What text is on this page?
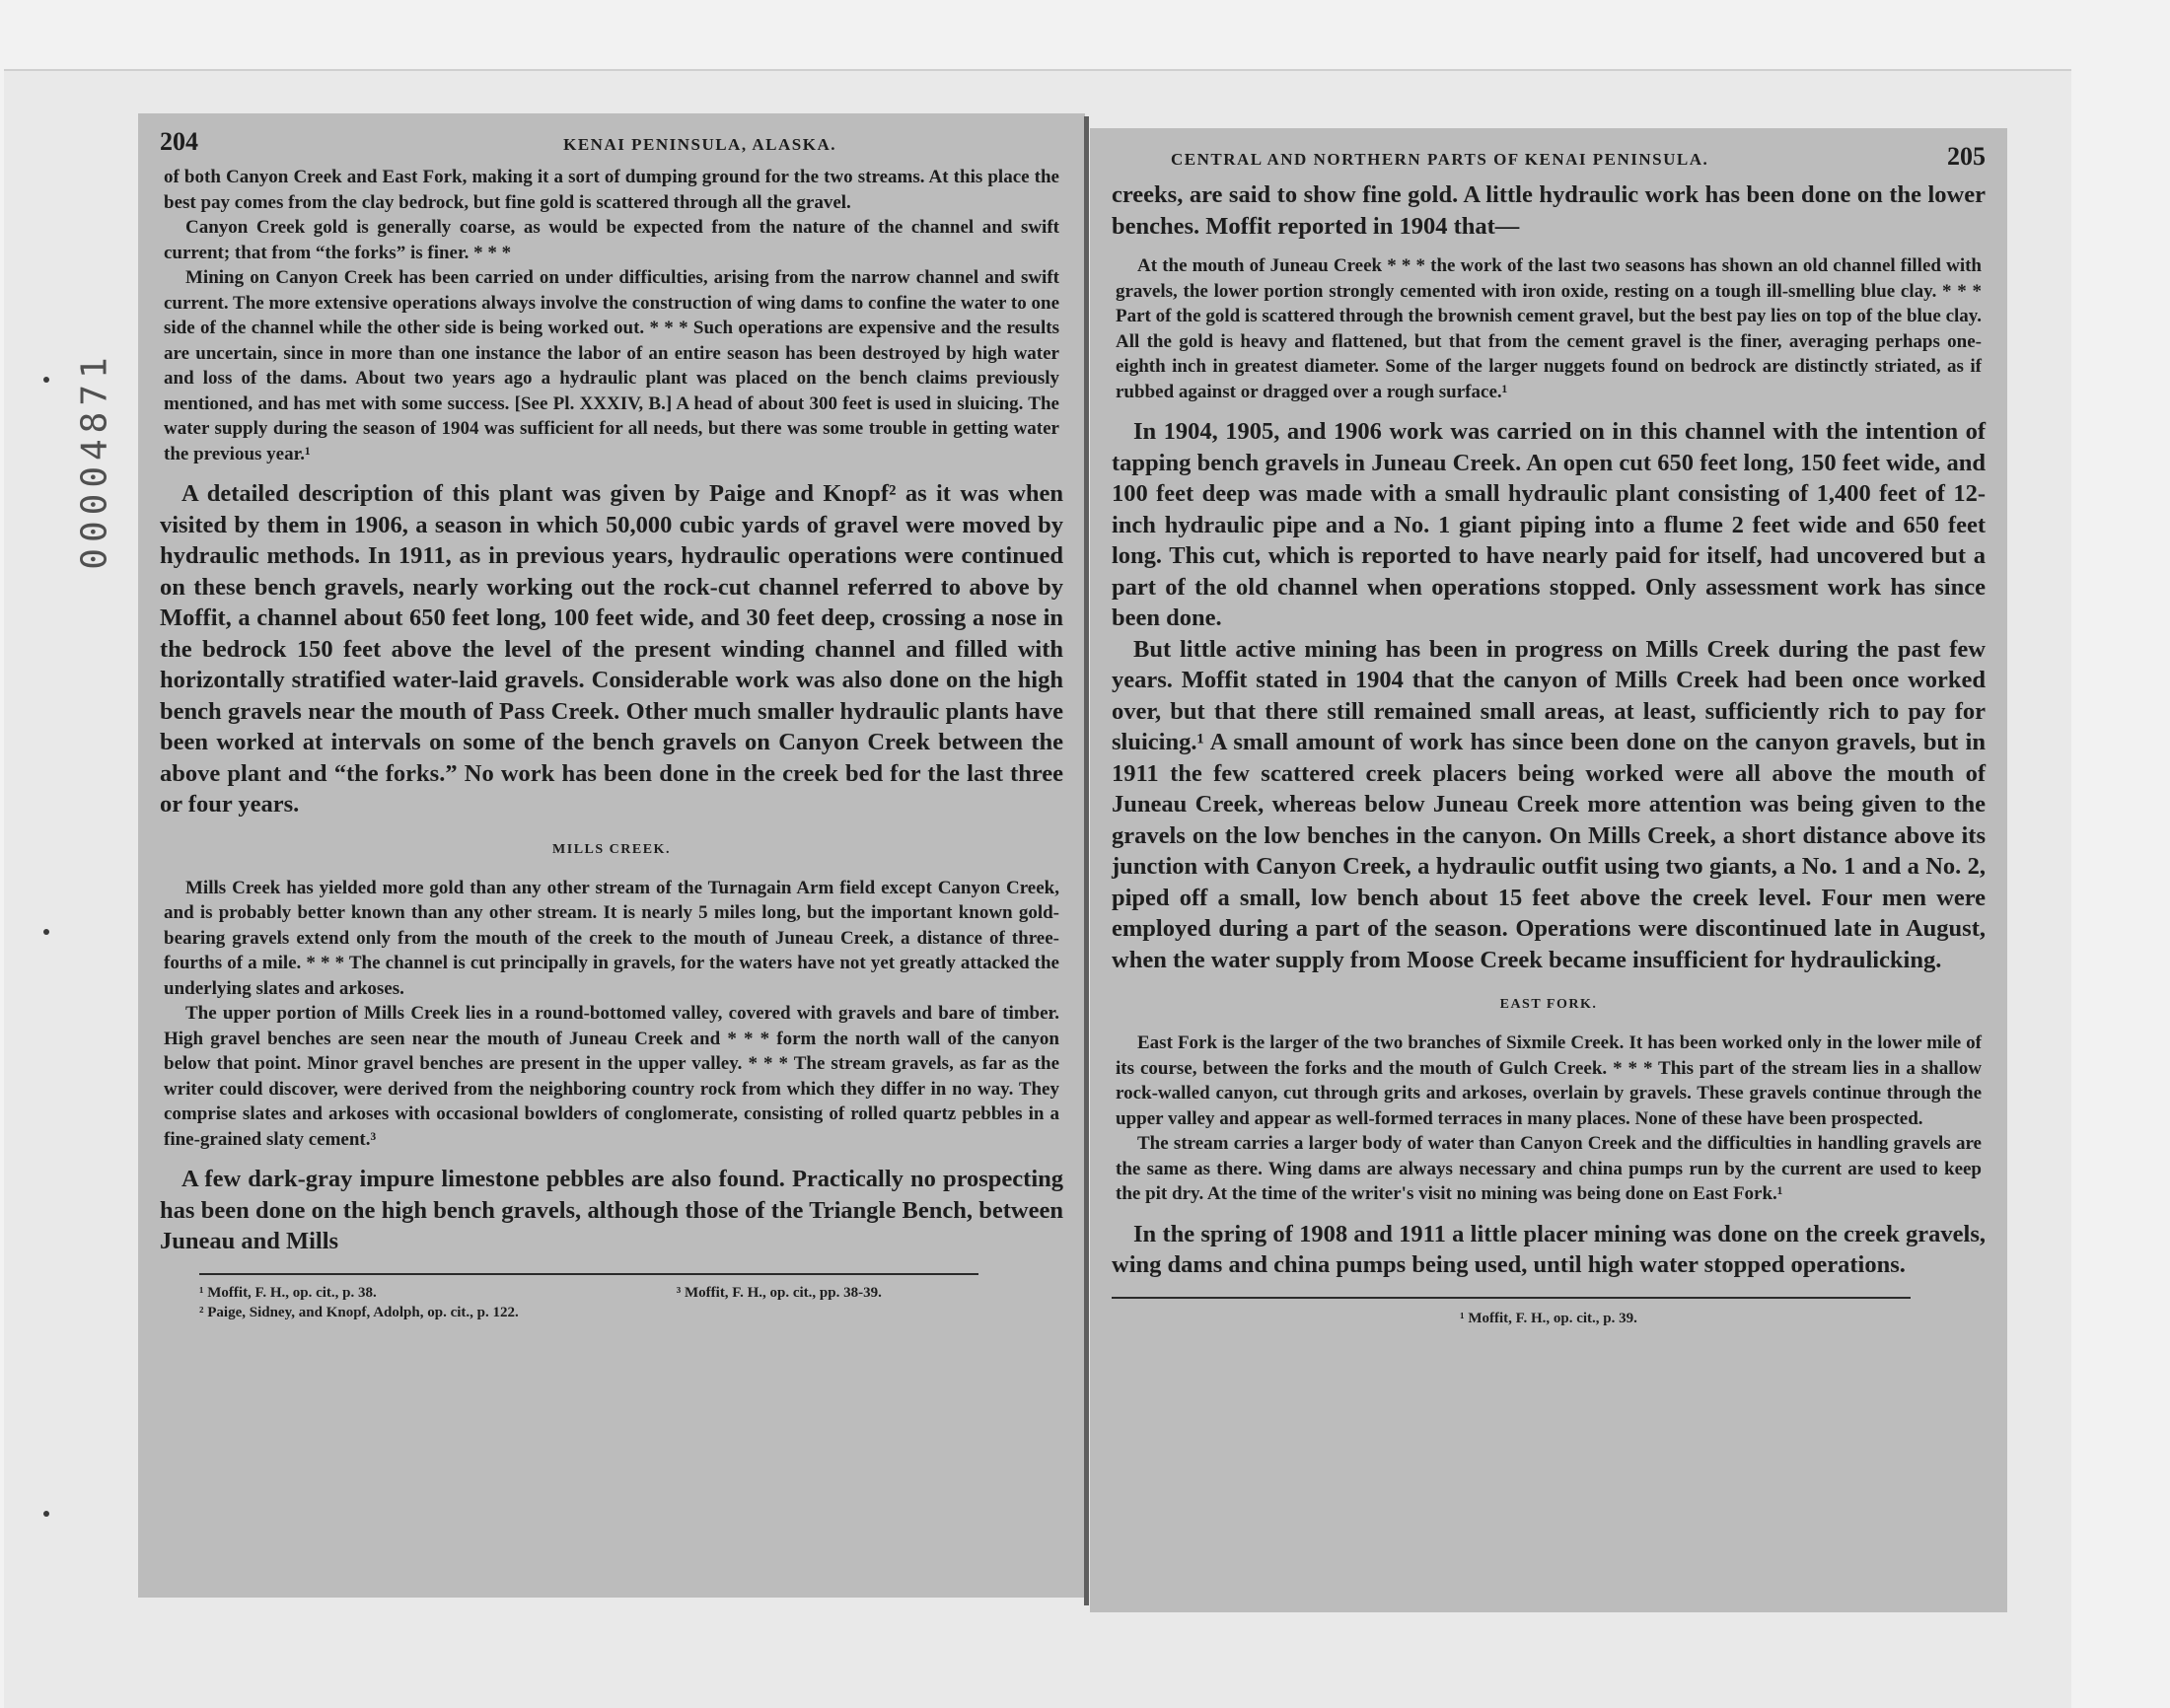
00004871
204	KENAI PENINSULA, ALASKA.

of both Canyon Creek and East Fork, making it a sort of dumping ground for the two streams. At this place the best pay comes from the clay bedrock, but fine gold is scattered through all the gravel.

Canyon Creek gold is generally coarse, as would be expected from the nature of the channel and swift current; that from “the forks” is finer. * * *

Mining on Canyon Creek has been carried on under difficulties, arising from the narrow channel and swift current. The more extensive operations always involve the construction of wing dams to confine the water to one side of the channel while the other side is being worked out. * * * Such operations are expensive and the results are uncertain, since in more than one instance the labor of an entire season has been destroyed by high water and loss of the dams. About two years ago a hydraulic plant was placed on the bench claims previously mentioned, and has met with some success. [See Pl. XXXIV, B.] A head of about 300 feet is used in sluicing. The water supply during the season of 1904 was sufficient for all needs, but there was some trouble in getting water the previous year.¹

A detailed description of this plant was given by Paige and Knopf² as it was when visited by them in 1906, a season in which 50,000 cubic yards of gravel were moved by hydraulic methods. In 1911, as in previous years, hydraulic operations were continued on these bench gravels, nearly working out the rock-cut channel referred to above by Moffit, a channel about 650 feet long, 100 feet wide, and 30 feet deep, crossing a nose in the bedrock 150 feet above the level of the present winding channel and filled with horizontally stratified water-laid gravels. Considerable work was also done on the high bench gravels near the mouth of Pass Creek. Other much smaller hydraulic plants have been worked at intervals on some of the bench gravels on Canyon Creek between the above plant and “the forks.” No work has been done in the creek bed for the last three or four years.

MILLS CREEK.

Mills Creek has yielded more gold than any other stream of the Turnagain Arm field except Canyon Creek, and is probably better known than any other stream. It is nearly 5 miles long, but the important known gold-bearing gravels extend only from the mouth of the creek to the mouth of Juneau Creek, a distance of three-fourths of a mile. * * * The channel is cut principally in gravels, for the waters have not yet greatly attacked the underlying slates and arkoses.

The upper portion of Mills Creek lies in a round-bottomed valley, covered with gravels and bare of timber. High gravel benches are seen near the mouth of Juneau Creek and * * * form the north wall of the canyon below that point. Minor gravel benches are present in the upper valley. * * * The stream gravels, as far as the writer could discover, were derived from the neighboring country rock from which they differ in no way. They comprise slates and arkoses with occasional bowlders of conglomerate, consisting of rolled quartz pebbles in a fine-grained slaty cement.³

A few dark-gray impure limestone pebbles are also found. Practically no prospecting has been done on the high bench gravels, although those of the Triangle Bench, between Juneau and Mills

¹ Moffit, F. H., op. cit., p. 38.
² Paige, Sidney, and Knopf, Adolph, op. cit., p. 122.
³ Moffit, F. H., op. cit., pp. 38-39.
CENTRAL AND NORTHERN PARTS OF KENAI PENINSULA.	205

creeks, are said to show fine gold. A little hydraulic work has been done on the lower benches. Moffit reported in 1904 that—

At the mouth of Juneau Creek * * * the work of the last two seasons has shown an old channel filled with gravels, the lower portion strongly cemented with iron oxide, resting on a tough ill-smelling blue clay. * * * Part of the gold is scattered through the brownish cement gravel, but the best pay lies on top of the blue clay. All the gold is heavy and flattened, but that from the cement gravel is the finer, averaging perhaps one-eighth inch in greatest diameter. Some of the larger nuggets found on bedrock are distinctly striated, as if rubbed against or dragged over a rough surface.¹

In 1904, 1905, and 1906 work was carried on in this channel with the intention of tapping bench gravels in Juneau Creek. An open cut 650 feet long, 150 feet wide, and 100 feet deep was made with a small hydraulic plant consisting of 1,400 feet of 12-inch hydraulic pipe and a No. 1 giant piping into a flume 2 feet wide and 650 feet long. This cut, which is reported to have nearly paid for itself, had uncovered but a part of the old channel when operations stopped. Only assessment work has since been done.

But little active mining has been in progress on Mills Creek during the past few years. Moffit stated in 1904 that the canyon of Mills Creek had been once worked over, but that there still remained small areas, at least, sufficiently rich to pay for sluicing.¹ A small amount of work has since been done on the canyon gravels, but in 1911 the few scattered creek placers being worked were all above the mouth of Juneau Creek, whereas below Juneau Creek more attention was being given to the gravels on the low benches in the canyon. On Mills Creek, a short distance above its junction with Canyon Creek, a hydraulic outfit using two giants, a No. 1 and a No. 2, piped off a small, low bench about 15 feet above the creek level. Four men were employed during a part of the season. Operations were discontinued late in August, when the water supply from Moose Creek became insufficient for hydraulicking.

EAST FORK.

East Fork is the larger of the two branches of Sixmile Creek. It has been worked only in the lower mile of its course, between the forks and the mouth of Gulch Creek. * * * This part of the stream lies in a shallow rock-walled canyon, cut through grits and arkoses, overlain by gravels. These gravels continue through the upper valley and appear as well-formed terraces in many places. None of these have been prospected.

The stream carries a larger body of water than Canyon Creek and the difficulties in handling gravels are the same as there. Wing dams are always necessary and china pumps run by the current are used to keep the pit dry. At the time of the writer's visit no mining was being done on East Fork.¹

In the spring of 1908 and 1911 a little placer mining was done on the creek gravels, wing dams and china pumps being used, until high water stopped operations.

¹ Moffit, F. H., op. cit., p. 39.
